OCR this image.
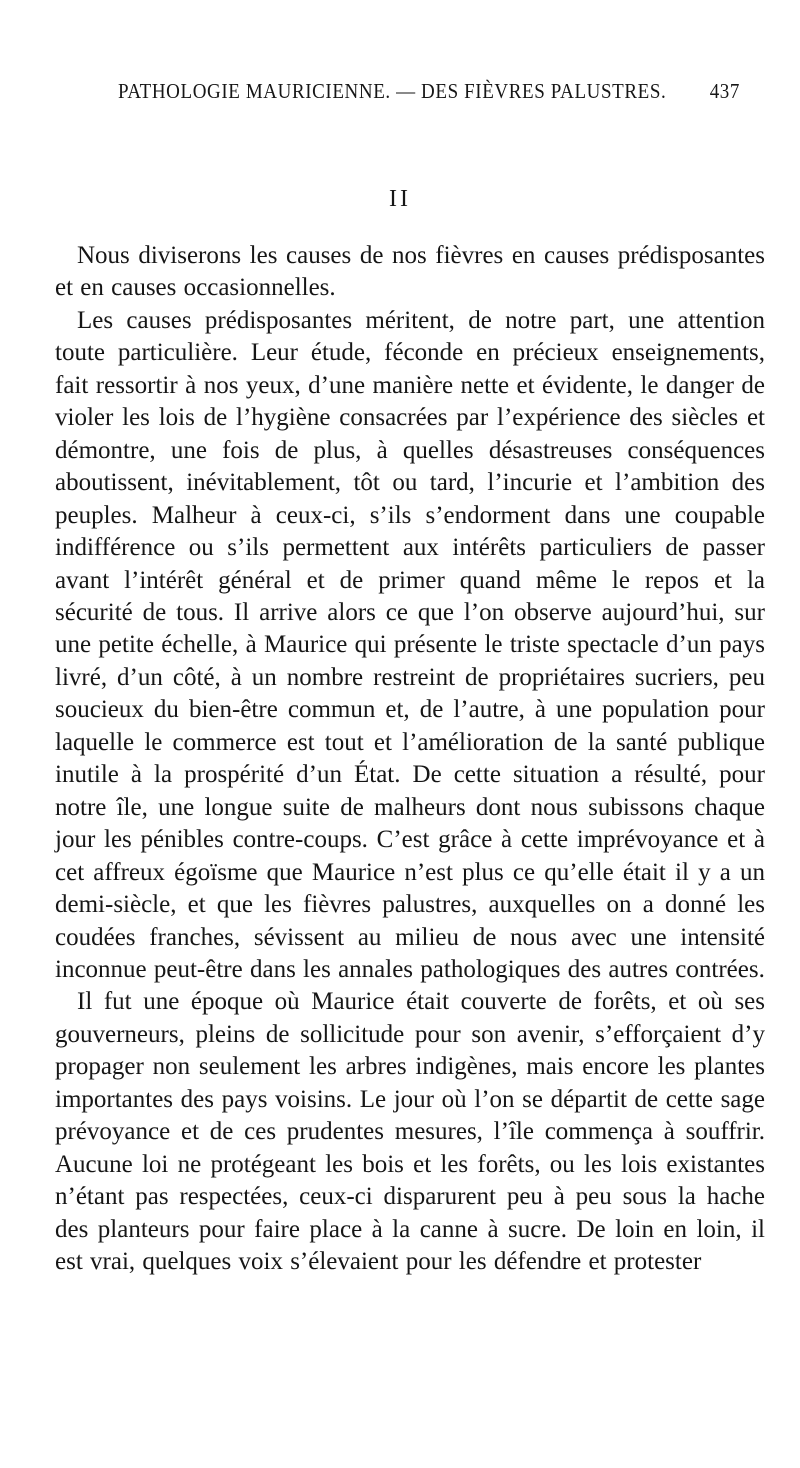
PATHOLOGIE MAURICIENNE. — DES FIÈVRES PALUSTRES. 437
II

Nous diviserons les causes de nos fièvres en causes prédisposantes et en causes occasionnelles.

Les causes prédisposantes méritent, de notre part, une attention toute particulière. Leur étude, féconde en précieux enseignements, fait ressortir à nos yeux, d’une manière nette et évidente, le danger de violer les lois de l’hygiène consacrées par l’expérience des siècles et démontre, une fois de plus, à quelles désastreuses conséquences aboutissent, inévitablement, tôt ou tard, l’incurie et l’ambition des peuples. Malheur à ceux-ci, s’ils s’endorment dans une coupable indifférence ou s’ils permettent aux intérêts particuliers de passer avant l’intérêt général et de primer quand même le repos et la sécurité de tous. Il arrive alors ce que l’on observe aujourd’hui, sur une petite échelle, à Maurice qui présente le triste spectacle d’un pays livré, d’un côté, à un nombre restreint de propriétaires sucriers, peu soucieux du bien-être commun et, de l’autre, à une population pour laquelle le commerce est tout et l’amélioration de la santé publique inutile à la prospérité d’un État. De cette situation a résulté, pour notre île, une longue suite de malheurs dont nous subissons chaque jour les pénibles contre-coups. C’est grâce à cette imprévoyance et à cet affreux égoïsme que Maurice n’est plus ce qu’elle était il y a un demi-siècle, et que les fièvres palustres, auxquelles on a donné les coudées franches, sévissent au milieu de nous avec une intensité inconnue peut-être dans les annales pathologiques des autres contrées.

Il fut une époque où Maurice était couverte de forêts, et où ses gouverneurs, pleins de sollicitude pour son avenir, s’efforçaient d’y propager non seulement les arbres indigènes, mais encore les plantes importantes des pays voisins. Le jour où l’on se départit de cette sage prévoyance et de ces prudentes mesures, l’île commença à souffrir. Aucune loi ne protégeant les bois et les forêts, ou les lois existantes n’étant pas respectées, ceux-ci disparurent peu à peu sous la hache des planteurs pour faire place à la canne à sucre. De loin en loin, il est vrai, quelques voix s’élevaient pour les défendre et protester
